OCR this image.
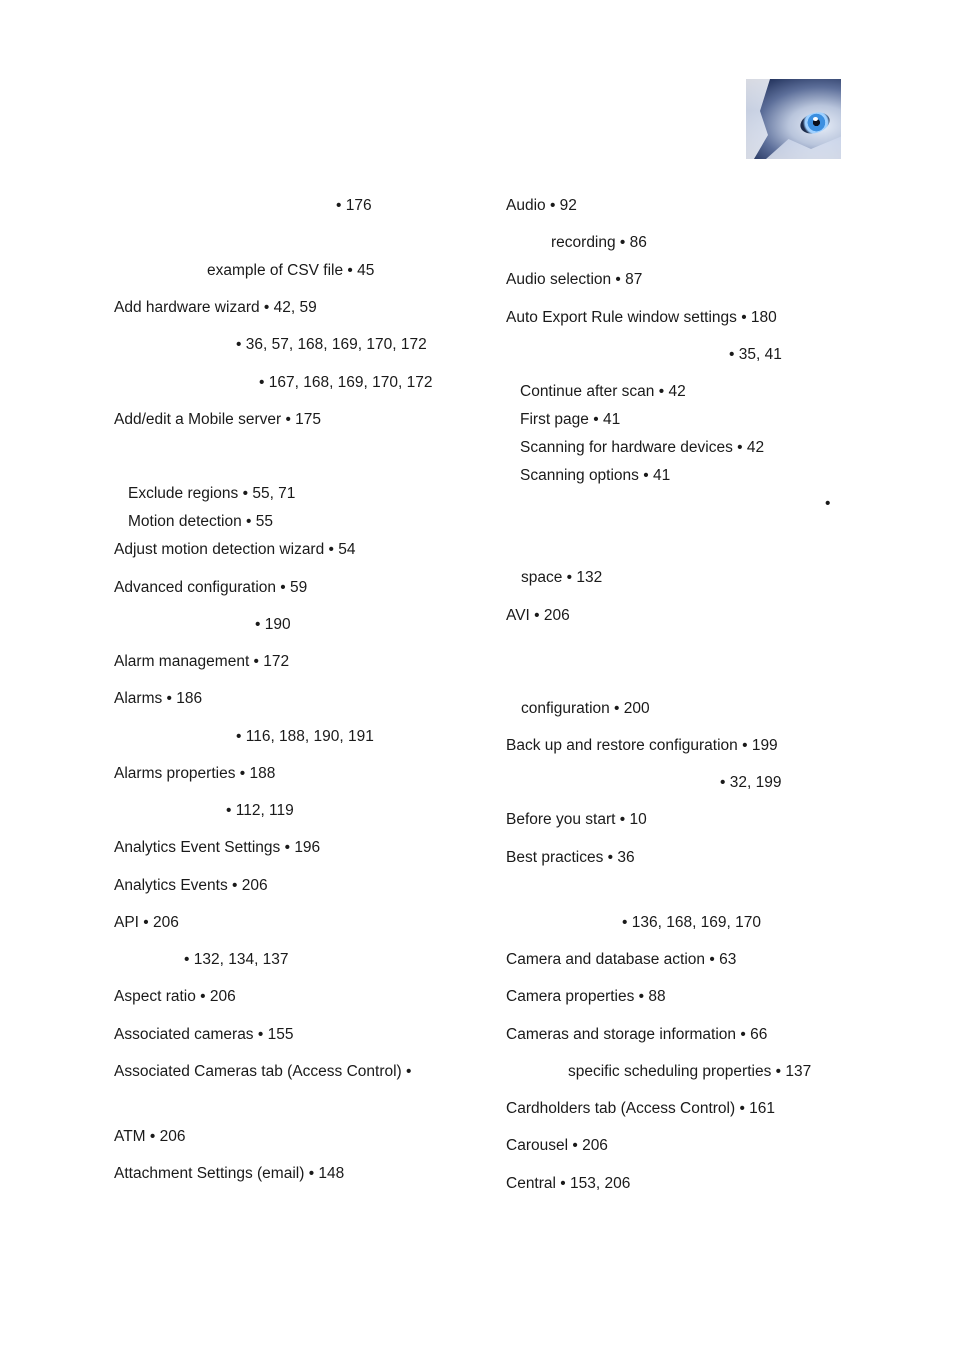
• 176
example of CSV file • 45
Add hardware wizard • 42, 59
• 36, 57, 168, 169, 170, 172
• 167, 168, 169, 170, 172
Add/edit a Mobile server • 175
Exclude regions • 55, 71
Motion detection • 55
Adjust motion detection wizard • 54
Advanced configuration • 59
• 190
Alarm management • 172
Alarms • 186
• 116, 188, 190, 191
Alarms properties • 188
• 112, 119
Analytics Event Settings • 196
Analytics Events • 206
API • 206
• 132, 134, 137
Aspect ratio • 206
Associated cameras • 155
Associated Cameras tab (Access Control) •
ATM • 206
Attachment Settings (email) • 148
Audio • 92
recording • 86
Audio selection • 87
Auto Export Rule window settings • 180
• 35, 41
Continue after scan • 42
First page • 41
Scanning for hardware devices • 42
Scanning options • 41
•
space • 132
AVI • 206
configuration • 200
Back up and restore configuration • 199
• 32, 199
Before you start • 10
Best practices • 36
• 136, 168, 169, 170
Camera and database action • 63
Camera properties • 88
Cameras and storage information • 66
specific scheduling properties • 137
Cardholders tab (Access Control) • 161
Carousel • 206
Central • 153, 206
